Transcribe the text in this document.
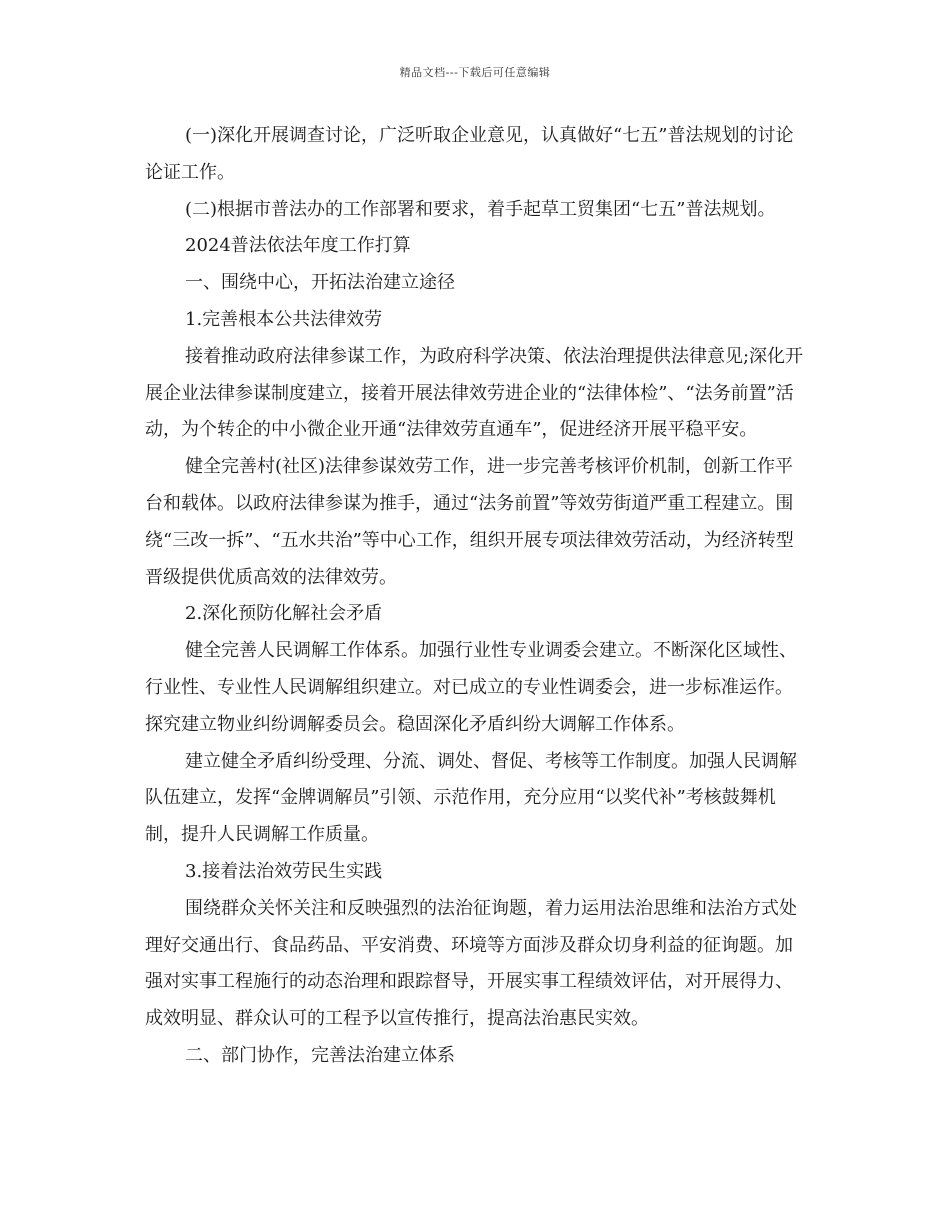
精品文档---下载后可任意编辑

(一)深化开展调查讨论，广泛听取企业意见，认真做好“七五”普法规划的讨论论证工作。

(二)根据市普法办的工作部署和要求，着手起草工贸集团“七五”普法规划。

2024普法依法年度工作打算

一、围绕中心，开拓法治建立途径

1.完善根本公共法律效劳

接着推动政府法律参谋工作，为政府科学决策、依法治理提供法律意见;深化开展企业法律参谋制度建立，接着开展法律效劳进企业的“法律体检”、“法务前置”活动，为个转企的中小微企业开通“法律效劳直通车”，促进经济开展平稳平安。

健全完善村(社区)法律参谋效劳工作，进一步完善考核评价机制，创新工作平台和载体。以政府法律参谋为推手，通过“法务前置”等效劳街道严重工程建立。围绕“三改一拆”、“五水共治”等中心工作，组织开展专项法律效劳活动，为经济转型晋级提供优质高效的法律效劳。

2.深化预防化解社会矛盾

健全完善人民调解工作体系。加强行业性专业调委会建立。不断深化区域性、行业性、专业性人民调解组织建立。对已成立的专业性调委会，进一步标准运作。探究建立物业纠纷调解委员会。稳固深化矛盾纠纷大调解工作体系。

建立健全矛盾纠纷受理、分流、调处、督促、考核等工作制度。加强人民调解队伍建立，发挥“金牌调解员”引领、示范作用，充分应用“以奖代补”考核鼓舞机制，提升人民调解工作质量。

3.接着法治效劳民生实践

围绕群众关怀关注和反映强烈的法治征询题，着力运用法治思维和法治方式处理好交通出行、食品药品、平安消费、环境等方面涉及群众切身利益的征询题。加强对实事工程施行的动态治理和跟踪督导，开展实事工程绩效评估，对开展得力、成效明显、群众认可的工程予以宣传推行，提高法治惠民实效。

二、部门协作，完善法治建立体系
